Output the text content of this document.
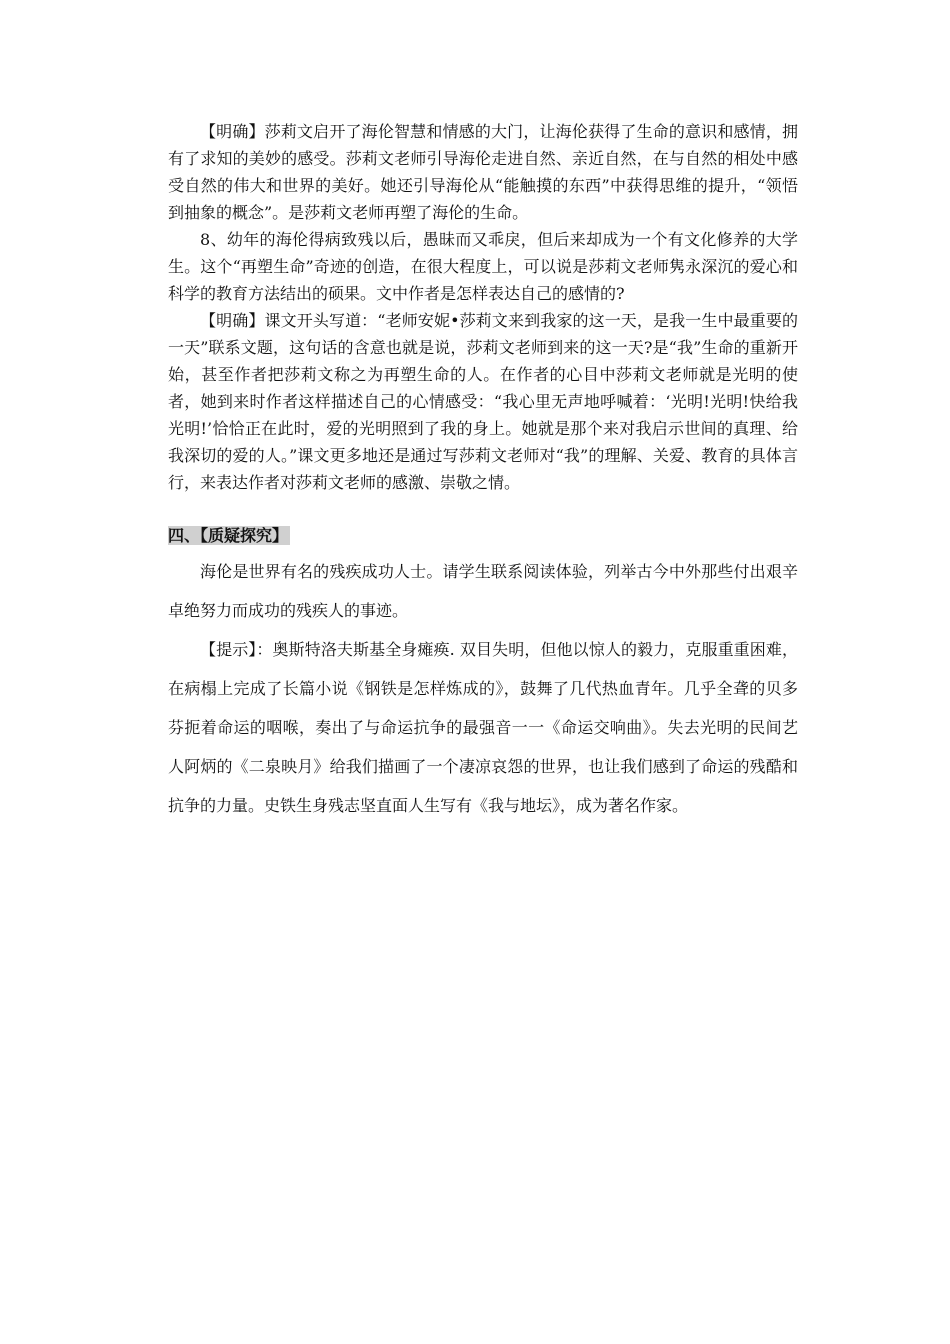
【明确】莎莉文启开了海伦智慧和情感的大门，让海伦获得了生命的意识和感情，拥有了求知的美妙的感受。莎莉文老师引导海伦走进自然、亲近自然，在与自然的相处中感受自然的伟大和世界的美好。她还引导海伦从“能触摸的东西”中获得思维的提升，“领悟到抽象的概念”。是莎莉文老师再塑了海伦的生命。

8、幼年的海伦得病致残以后，愚昧而又乖戾，但后来却成为一个有文化修养的大学生。这个“再塑生命”奇迹的创造，在很大程度上，可以说是莎莉文老师隽永深沉的爱心和科学的教育方法结出的硕果。文中作者是怎样表达自己的感情的?

【明确】课文开头写道：“老师安妮•莎莉文来到我家的这一天，是我一生中最重要的一天”联系文题，这句话的含意也就是说，莎莉文老师到来的这一天?是“我”生命的重新开始，甚至作者把莎莉文称之为再塑生命的人。在作者的心目中莎莉文老师就是光明的使者，她到来时作者这样描述自己的心情感受：“我心里无声地呼喊着：‘光明!光明!快给我光明!’恰恰正在此时，爱的光明照到了我的身上。她就是那个来对我启示世间的真理、给我深切的爱的人。”课文更多地还是通过写莎莉文老师对“我”的理解、关爱、教育的具体言行，来表达作者对莎莉文老师的感激、崇敬之情。

四、【质疑探究】

海伦是世界有名的残疾成功人士。请学生联系阅读体验，列举古今中外那些付出艰辛卓绝努力而成功的残疾人的事迹。

【提示】：奥斯特洛夫斯基全身瘫痪. 双目失明，但他以惊人的毅力，克服重重困难，在病榻上完成了长篇小说《钢铁是怎样炼成的》，鼓舞了几代热血青年。几乎全聋的贝多芬扼着命运的咽喉，奏出了与命运抗争的最强音一一《命运交响曲》。失去光明的民间艺人阿炳的《二泉映月》给我们描画了一个凄凉哀怨的世界，也让我们感到了命运的残酷和抗争的力量。史铁生身残志坚直面人生写有《我与地坛》，成为著名作家。
